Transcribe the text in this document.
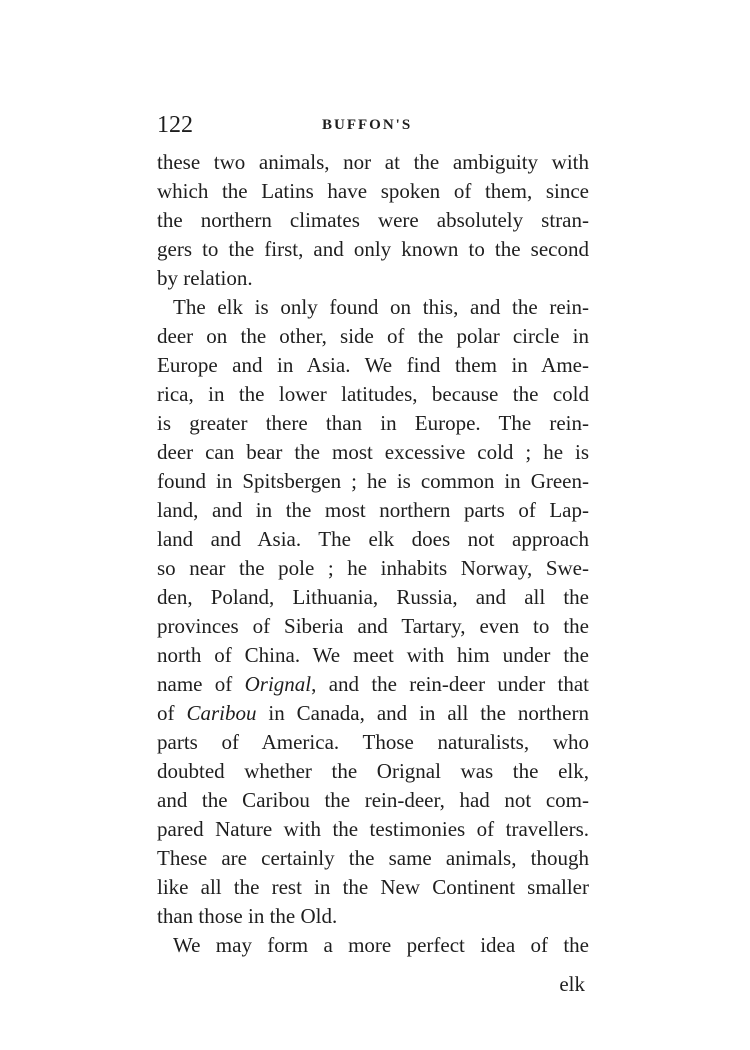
122	BUFFON'S
these two animals, nor at the ambiguity with
which the Latins have spoken of them, since
the northern climates were absolutely stran-
gers to the first, and only known to the second
by relation.
The elk is only found on this, and the rein-
deer on the other, side of the polar circle in
Europe and in Asia. We find them in Ame-
rica, in the lower latitudes, because the cold
is greater there than in Europe. The rein-
deer can bear the most excessive cold ; he is
found in Spitsbergen ; he is common in Green-
land, and in the most northern parts of Lap-
land and Asia. The elk does not approach
so near the pole ; he inhabits Norway, Swe-
den, Poland, Lithuania, Russia, and all the
provinces of Siberia and Tartary, even to the
north of China. We meet with him under the
name of Orignal, and the rein-deer under that
of Caribou in Canada, and in all the northern
parts of America. Those naturalists, who
doubted whether the Orignal was the elk,
and the Caribou the rein-deer, had not com-
pared Nature with the testimonies of travellers.
These are certainly the same animals, though
like all the rest in the New Continent smaller
than those in the Old.
We may form a more perfect idea of the
elk
